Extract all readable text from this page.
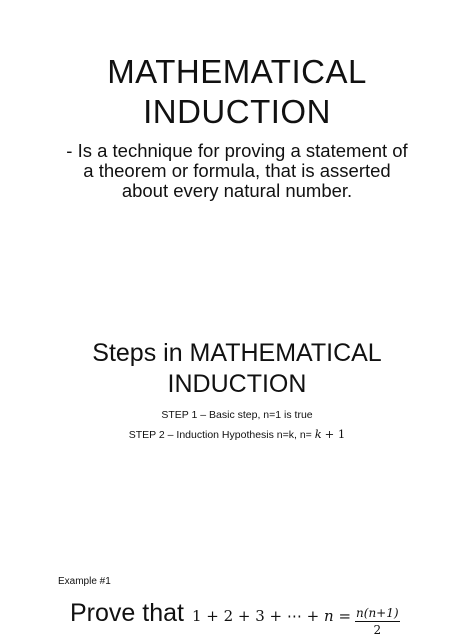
MATHEMATICAL
INDUCTION
- Is a technique for proving a statement of
a theorem or formula, that is asserted
about every natural number.
Steps in MATHEMATICAL
INDUCTION
STEP 1 – Basic step, n=1 is true
STEP 2 – Induction Hypothesis n=k, n= k + 1
Example #1
Prove that 1 + 2 + 3 + ⋯ + $n = \frac{n(n+1)}{2}$
